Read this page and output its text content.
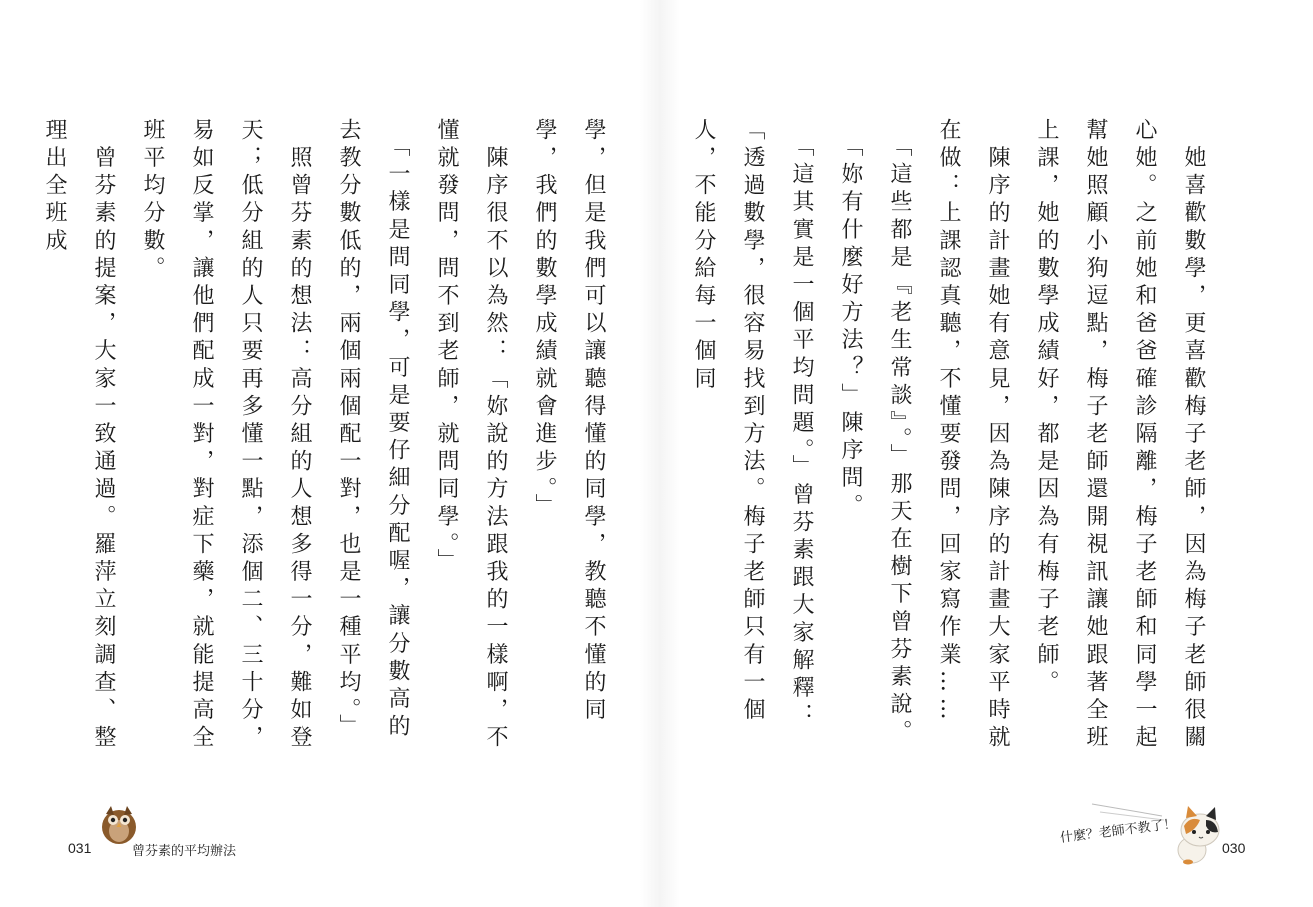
學，但是我們可以讓聽得懂的同學，教聽不懂的同學，我們的數學成績就會進步。」
　陳序很不以為然：「妳說的方法跟我的一樣啊，不懂就發問，問不到老師，就問同學。」
　「一樣是問同學，可是要仔細分配喔，讓分數高的去教分數低的，兩個兩個配一對，也是一種平均。」
　照曾芬素的想法：高分組的人想多得一分，難如登天；低分組的人只要再多懂一點，添個二、三十分，易如反掌，讓他們配成一對，對症下藥，就能提高全班平均分數。
　曾芬素的提案，大家一致通過。羅萍立刻調查、整理出全班成	　她喜歡數學，更喜歡梅子老師，因為梅子老師很關心她。之前她和爸爸確診隔離，梅子老師和同學一起幫她照顧小狗逗點，梅子老師還開視訊讓她跟著全班上課，她的數學成績好，都是因為有梅子老師。
　陳序的計畫她有意見，因為陳序的計畫大家平時就在做：上課認真聽，不懂要發問，回家寫作業……
　「這些都是『老生常談』。」那天在樹下曾芬素說。
　「妳有什麼好方法？」陳序問。
　「這其實是一個平均問題。」曾芬素跟大家解釋：「透過數學，很容易找到方法。梅子老師只有一個人，不能分給每一個同
031	曾芬素的平均辦法
什麼？老師不教了！
030
